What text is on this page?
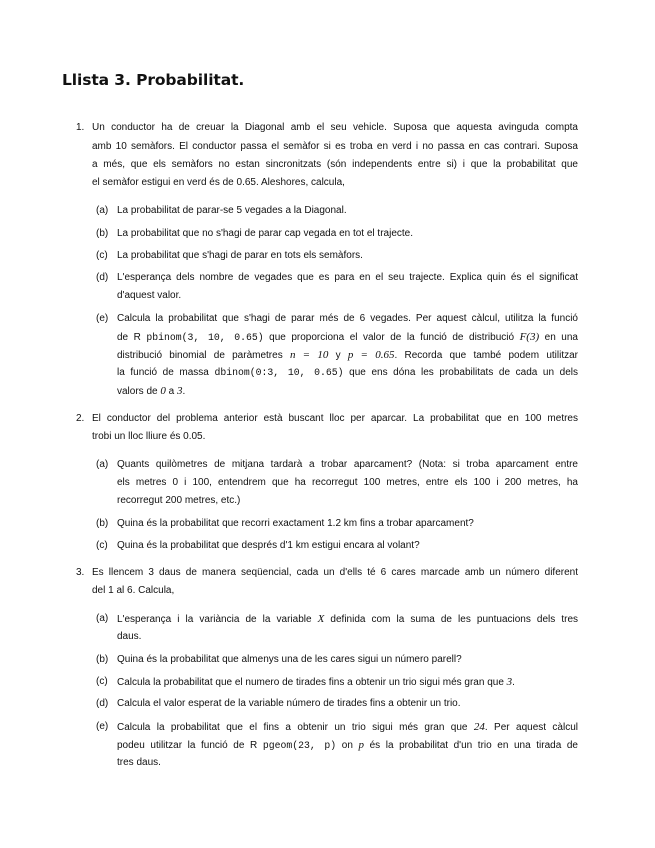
Llista 3. Probabilitat.
1. Un conductor ha de creuar la Diagonal amb el seu vehicle. Suposa que aquesta avinguda compta
amb 10 semàfors. El conductor passa el semàfor si es troba en verd i no passa en cas contrari. Suposa
a més, que els semàfors no estan sincronitzats (són independents entre si) i que la probabilitat que
el semàfor estigui en verd és de 0.65. Aleshores, calcula,
(a) La probabilitat de parar-se 5 vegades a la Diagonal.
(b) La probabilitat que no s'hagi de parar cap vegada en tot el trajecte.
(c) La probabilitat que s'hagi de parar en tots els semàfors.
(d) L'esperança dels nombre de vegades que es para en el seu trajecte. Explica quin és el significat
d'aquest valor.
(e) Calcula la probabilitat que s'hagi de parar més de 6 vegades. Per aquest càlcul, utilitza la funció
de R pbinom(3, 10, 0.65) que proporciona el valor de la funció de distribució F(3) en una
distribució binomial de paràmetres n = 10 y p = 0.65. Recorda que també podem utilitzar
la funció de massa dbinom(0:3, 10, 0.65) que ens dóna les probabilitats de cada un dels
valors de 0 a 3.
2. El conductor del problema anterior està buscant lloc per aparcar. La probabilitat que en 100 metres
trobi un lloc lliure és 0.05.
(a) Quants quilòmetres de mitjana tardarà a trobar aparcament? (Nota: si troba aparcament entre
els metres 0 i 100, entendrem que ha recorregut 100 metres, entre els 100 i 200 metres, ha
recorregut 200 metres, etc.)
(b) Quina és la probabilitat que recorri exactament 1.2 km fins a trobar aparcament?
(c) Quina és la probabilitat que després d'1 km estigui encara al volant?
3. Es llencem 3 daus de manera seqüencial, cada un d'ells té 6 cares marcade amb un número diferent
del 1 al 6. Calcula,
(a) L'esperança i la variància de la variable X definida com la suma de les puntuacions dels tres
daus.
(b) Quina és la probabilitat que almenys una de les cares sigui un número parell?
(c) Calcula la probabilitat que el numero de tirades fins a obtenir un trio sigui més gran que 3.
(d) Calcula el valor esperat de la variable número de tirades fins a obtenir un trio.
(e) Calcula la probabilitat que el fins a obtenir un trio sigui més gran que 24. Per aquest càlcul
podeu utilitzar la funció de R pgeom(23, p) on p és la probabilitat d'un trio en una tirada de
tres daus.
